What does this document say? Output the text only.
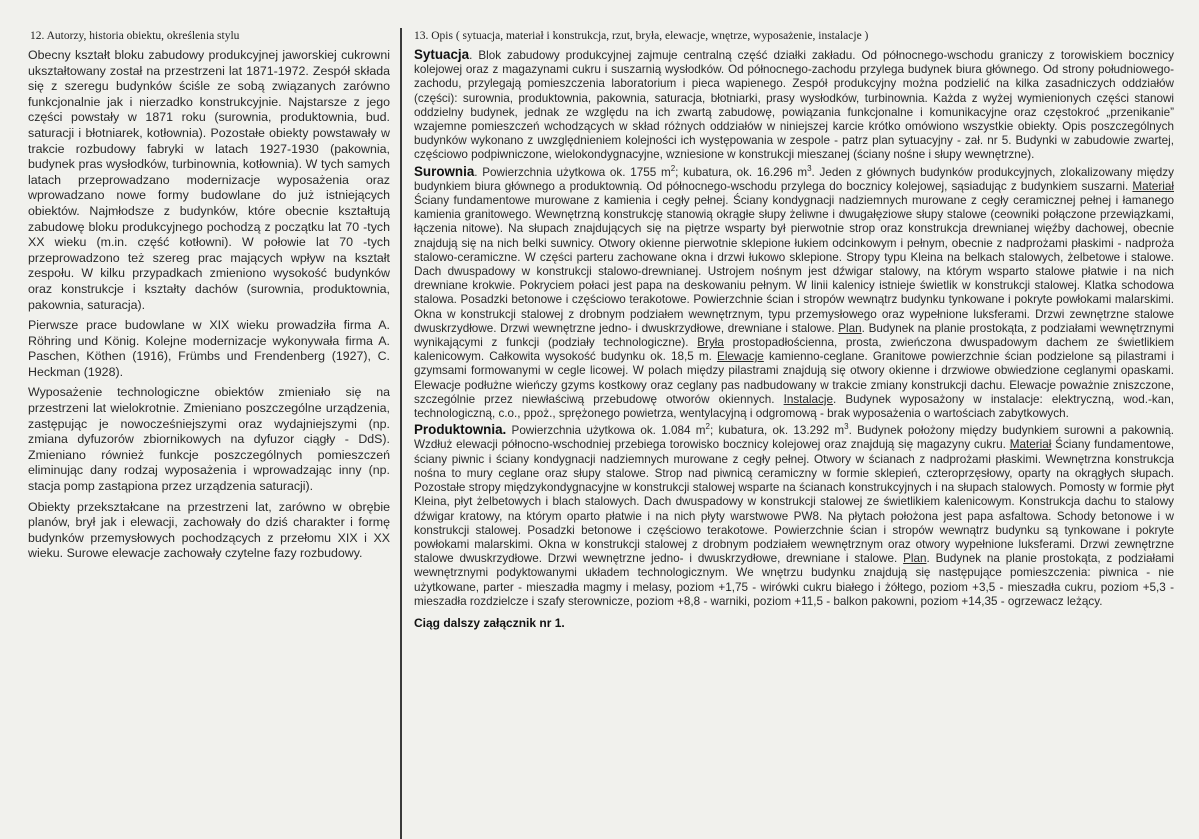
12. Autorzy, historia obiektu, określenia stylu

Obecny kształt bloku zabudowy produkcyjnej jaworskiej cukrowni ukształtowany został na przestrzeni lat 1871-1972. Zespół składa się z szeregu budynków ściśle ze sobą związanych zarówno funkcjonalnie jak i nierzadko konstrukcyjnie. Najstarsze z jego części powstały w 1871 roku (surownia, produktownia, bud. saturacji i błotniarek, kotłownia). Pozostałe obiekty powstawały w trakcie rozbudowy fabryki w latach 1927-1930 (pakownia, budynek pras wysłodków, turbinownia, kotłownia). W tych samych latach przeprowadzano modernizacje wyposażenia oraz wprowadzano nowe formy budowlane do już istniejących obiektów. Najmłodsze z budynków, które obecnie kształtują zabudowę bloku produkcyjnego pochodzą z początku lat 70 -tych XX wieku (m.in. część kotłowni). W połowie lat 70 -tych przeprowadzono też szereg prac mających wpływ na kształt zespołu. W kilku przypadkach zmieniono wysokość budynków oraz konstrukcje i kształty dachów (surownia, produktownia, pakownia, saturacja).

Pierwsze prace budowlane w XIX wieku prowadziła firma A. Röhring und König. Kolejne modernizacje wykonywała firma A. Paschen, Köthen (1916), Frümbs und Frendenberg (1927), C. Heckman (1928).

Wyposażenie technologiczne obiektów zmieniało się na przestrzeni lat wielokrotnie. Zmieniano poszczególne urządzenia, zastępując je nowocześniejszymi oraz wydajniejszymi (np. zmiana dyfuzorów zbiornikowych na dyfuzor ciągły - DdS). Zmieniano również funkcje poszczególnych pomieszczeń eliminując dany rodzaj wyposażenia i wprowadzając inny (np. stacja pomp zastąpiona przez urządzenia saturacji).

Obiekty przekształcane na przestrzeni lat, zarówno w obrębie planów, brył jak i elewacji, zachowały do dziś charakter i formę budynków przemysłowych pochodzących z przełomu XIX i XX wieku. Surowe elewacje zachowały czytelne fazy rozbudowy.

13. Opis ( sytuacja, materiał i konstrukcja, rzut, bryła, elewacje, wnętrze, wyposażenie, instalacje )

Sytuacja. Blok zabudowy produkcyjnej zajmuje centralną część działki zakładu. Od północnego-wschodu graniczy z torowiskiem bocznicy kolejowej oraz z magazynami cukru i suszarnią wysłodków. Od północnego-zachodu przylega budynek biura głównego. Od strony południowego-zachodu, przylegają pomieszczenia laboratorium i pieca wapienego. Zespół produkcyjny można podzielić na kilka zasadniczych oddziałów (części): surownia, produktownia, pakownia, saturacja, błotniarki, prasy wysłodków, turbinownia. Każda z wyżej wymienionych części stanowi oddzielny budynek, jednak ze względu na ich zwartą zabudowę, powiązania funkcjonalne i komunikacyjne oraz częstokroć „przenikanie” wzajemne pomieszczeń wchodzących w skład różnych oddziałów w niniejszej karcie krótko omówiono wszystkie obiekty. Opis poszczególnych budynków wykonano z uwzględnieniem kolejności ich występowania w zespole - patrz plan sytuacyjny - zał. nr 5. Budynki w zabudowie zwartej, częściowo podpiwniczone, wielokondygnacyjne, wzniesione w konstrukcji mieszanej (ściany nośne i słupy wewnętrzne).

Surownia. Powierzchnia użytkowa ok. 1755 $m^2$; kubatura, ok. 16.296 $m^3$. Jeden z głównych budynków produkcyjnych, zlokalizowany między budynkiem biura głównego a produktownią. Od północnego-wschodu przylega do bocznicy kolejowej, sąsiadując z budynkiem suszarni. Materiał Ściany fundamentowe murowane z kamienia i cegły pełnej. Ściany kondygnacji nadziemnych murowane z cegły ceramicznej pełnej i łamanego kamienia granitowego. Wewnętrzną konstrukcję stanowią okrągłe słupy żeliwne i dwugałęziowe słupy stalowe (ceowniki połączone przewiązkami, łączenia nitowe). Na słupach znajdujących się na piętrze wsparty był pierwotnie strop oraz konstrukcja drewnianej więźby dachowej, obecnie znajdują się na nich belki suwnicy. Otwory okienne pierwotnie sklepione łukiem odcinkowym i pełnym, obecnie z nadprożami płaskimi - nadproża stalowo-ceramiczne. W części parteru zachowane okna i drzwi łukowo sklepione. Stropy typu Kleina na belkach stalowych, żelbetowe i stalowe. Dach dwuspadowy w konstrukcji stalowo-drewnianej. Ustrojem nośnym jest dźwigar stalowy, na którym wsparto stalowe płatwie i na nich drewniane krokwie. Pokryciem połaci jest papa na deskowaniu pełnym. W linii kalenicy istnieje świetlik w konstrukcji stalowej. Klatka schodowa stalowa. Posadzki betonowe i częściowo terakotowe. Powierzchnie ścian i stropów wewnątrz budynku tynkowane i pokryte powłokami malarskimi. Okna w konstrukcji stalowej z drobnym podziałem wewnętrznym, typu przemysłowego oraz wypełnione luksferami. Drzwi zewnętrzne stalowe dwuskrzydłowe. Drzwi wewnętrzne jedno- i dwuskrzydłowe, drewniane i stalowe. Plan. Budynek na planie prostokąta, z podziałami wewnętrznymi wynikającymi z funkcji (podziały technologiczne). Bryła prostopadłościenna, prosta, zwieńczona dwuspadowym dachem ze świetlikiem kalenicowym. Całkowita wysokość budynku ok. 18,5 m. Elewacje kamienno-ceglane. Granitowe powierzchnie ścian podzielone są pilastrami i gzymsami formowanymi w cegle licowej. W polach między pilastrami znajdują się otwory okienne i drzwiowe obwiedzione ceglanymi opaskami. Elewacje podłużne wieńczy gzyms kostkowy oraz ceglany pas nadbudowany w trakcie zmiany konstrukcji dachu. Elewacje poważnie zniszczone, szczególnie przez niewłaściwą przebudowę otworów okiennych. Instalacje. Budynek wyposażony w instalacje: elektryczną, wod.-kan, technologiczną, c.o., ppoż., sprężonego powietrza, wentylacyjną i odgromową - brak wyposażenia o wartościach zabytkowych.

Produktownia. Powierzchnia użytkowa ok. 1.084 $m^2$; kubatura, ok. 13.292 $m^3$. Budynek położony między budynkiem surowni a pakownią. Wzdłuż elewacji północno-wschodniej przebiega torowisko bocznicy kolejowej oraz znajdują się magazyny cukru. Materiał Ściany fundamentowe, ściany piwnic i ściany kondygnacji nadziemnych murowane z cegły pełnej. Otwory w ścianach z nadprożami płaskimi. Wewnętrzna konstrukcja nośna to mury ceglane oraz słupy stalowe. Strop nad piwnicą ceramiczny w formie sklepień, czteroprzęsłowy, oparty na okrągłych słupach. Pozostałe stropy międzykondygnacyjne w konstrukcji stalowej wsparte na ścianach konstrukcyjnych i na słupach stalowych. Pomosty w formie płyt Kleina, płyt żelbetowych i blach stalowych. Dach dwuspadowy w konstrukcji stalowej ze świetlikiem kalenicowym. Konstrukcja dachu to stalowy dźwigar kratowy, na którym oparto płatwie i na nich płyty warstwowe PW8. Na płytach położona jest papa asfaltowa. Schody betonowe i w konstrukcji stalowej. Posadzki betonowe i częściowo terakotowe. Powierzchnie ścian i stropów wewnątrz budynku są tynkowane i pokryte powłokami malarskimi. Okna w konstrukcji stalowej z drobnym podziałem wewnętrznym oraz otwory wypełnione luksferami. Drzwi zewnętrzne stalowe dwuskrzydłowe. Drzwi wewnętrzne jedno- i dwuskrzydłowe, drewniane i stalowe. Plan. Budynek na planie prostokąta, z podziałami wewnętrznymi podyktowanymi układem technologicznym. We wnętrzu budynku znajdują się następujące pomieszczenia: piwnica - nie użytkowane, parter - mieszadła magmy i melasy, poziom +1,75 - wirówki cukru białego i żółtego, poziom +3,5 - mieszadła cukru, poziom +5,3 - mieszadła rozdzielcze i szafy sterownicze, poziom +8,8 - warniki, poziom +11,5 - balkon pakowni, poziom +14,35 - ogrzewacz leżący.

Ciąg dalszy załącznik nr 1.
